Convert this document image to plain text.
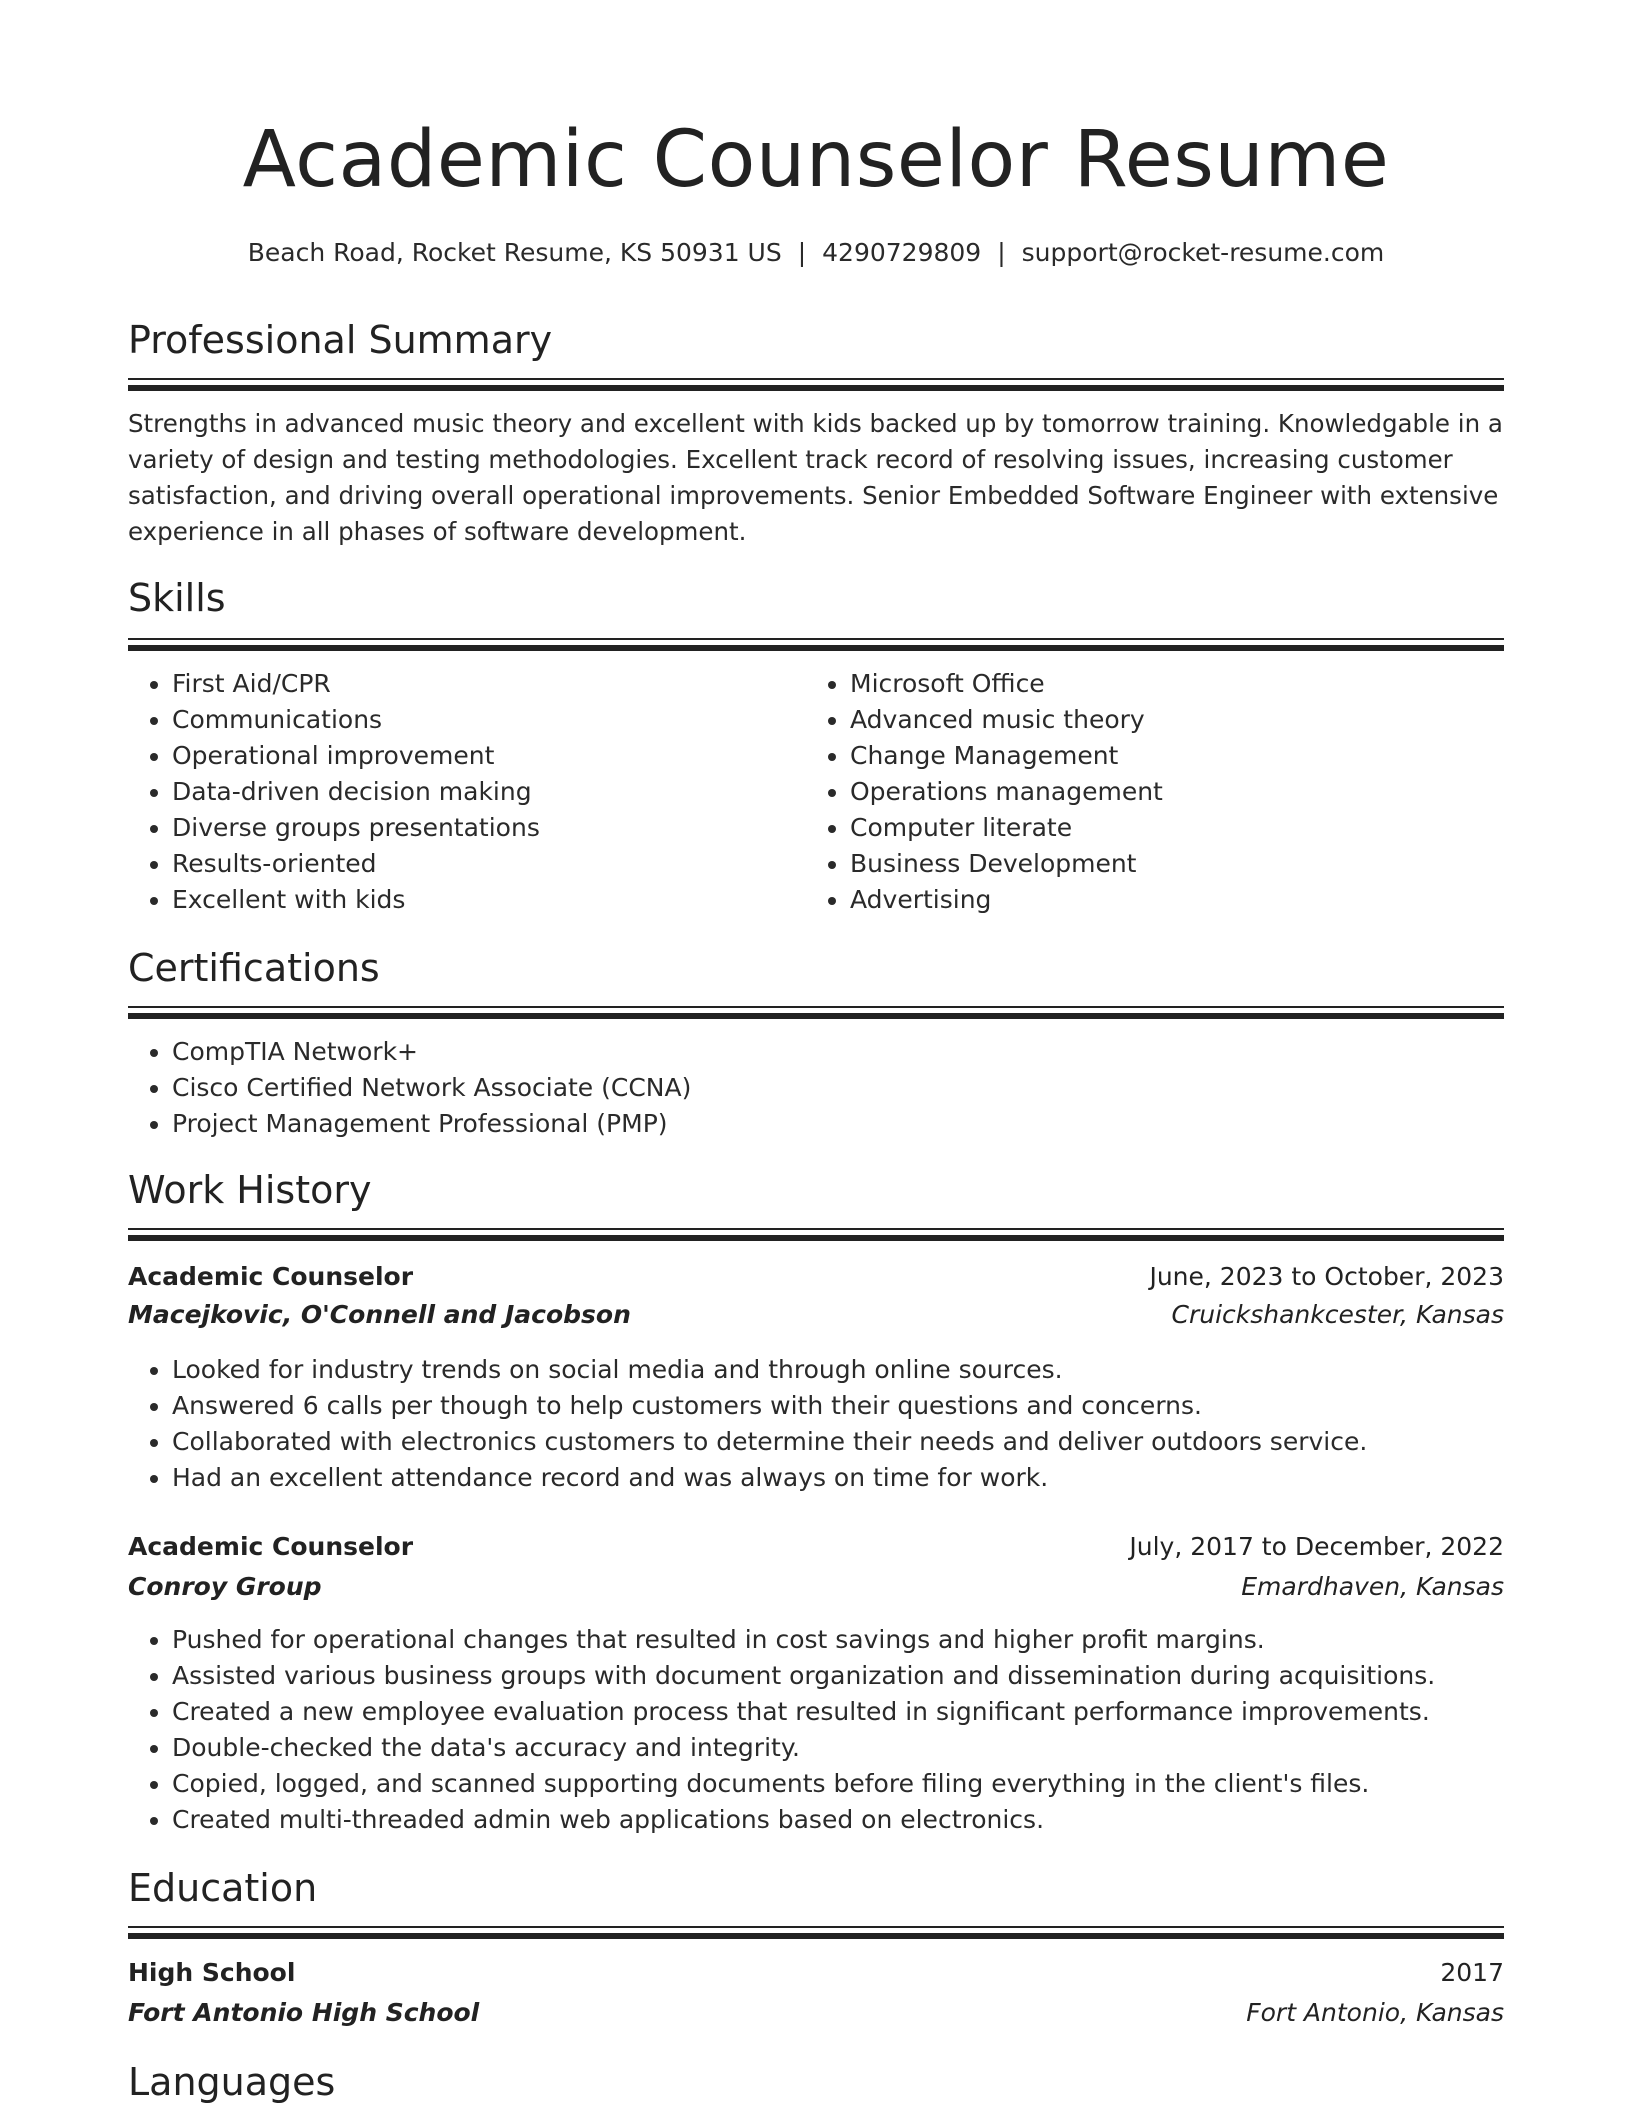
Academic Counselor Resume
Beach Road, Rocket Resume, KS 50931 US | 4290729809 | support@rocket-resume.com
Professional Summary

Strengths in advanced music theory and excellent with kids backed up by tomorrow training. Knowledgable in a variety of design and testing methodologies. Excellent track record of resolving issues, increasing customer satisfaction, and driving overall operational improvements. Senior Embedded Software Engineer with extensive experience in all phases of software development.

Skills
• First Aid/CPR
• Communications
• Operational improvement
• Data-driven decision making
• Diverse groups presentations
• Results-oriented
• Excellent with kids
• Microsoft Office
• Advanced music theory
• Change Management
• Operations management
• Computer literate
• Business Development
• Advertising
Certifications
• CompTIA Network+
• Cisco Certified Network Associate (CCNA)
• Project Management Professional (PMP)
Work History
Academic Counselor	June, 2023 to October, 2023
Macejkovic, O'Connell and Jacobson	Cruickshankcester, Kansas
• Looked for industry trends on social media and through online sources.
• Answered 6 calls per though to help customers with their questions and concerns.
• Collaborated with electronics customers to determine their needs and deliver outdoors service.
• Had an excellent attendance record and was always on time for work.
Academic Counselor	July, 2017 to December, 2022
Conroy Group	Emardhaven, Kansas
• Pushed for operational changes that resulted in cost savings and higher profit margins.
• Assisted various business groups with document organization and dissemination during acquisitions.
• Created a new employee evaluation process that resulted in significant performance improvements.
• Double-checked the data's accuracy and integrity.
• Copied, logged, and scanned supporting documents before filing everything in the client's files.
• Created multi-threaded admin web applications based on electronics.
Education
High School	2017
Fort Antonio High School	Fort Antonio, Kansas
Languages
